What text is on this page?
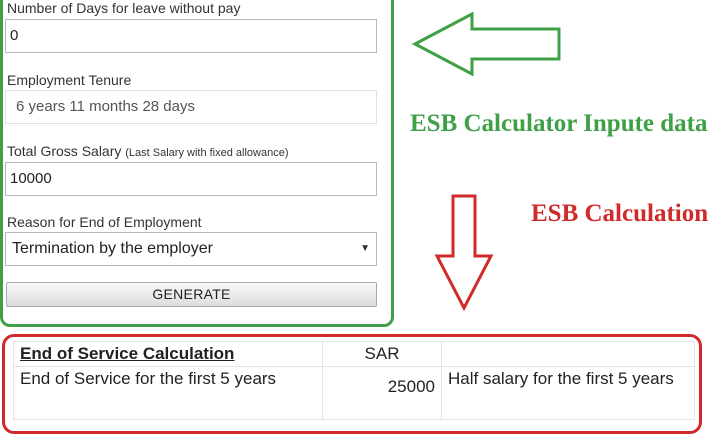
Number of Days for leave without pay
0
Employment Tenure
6 years 11 months 28 days
Total Gross Salary (Last Salary with fixed allowance)
10000
Reason for End of Employment
Termination by the employer	▼
GENERATE
ESB Calculator Inpute data
ESB Calculation
End of Service Calculation	SAR	
End of Service for the first 5 years	25000	Half salary for the first 5 years
